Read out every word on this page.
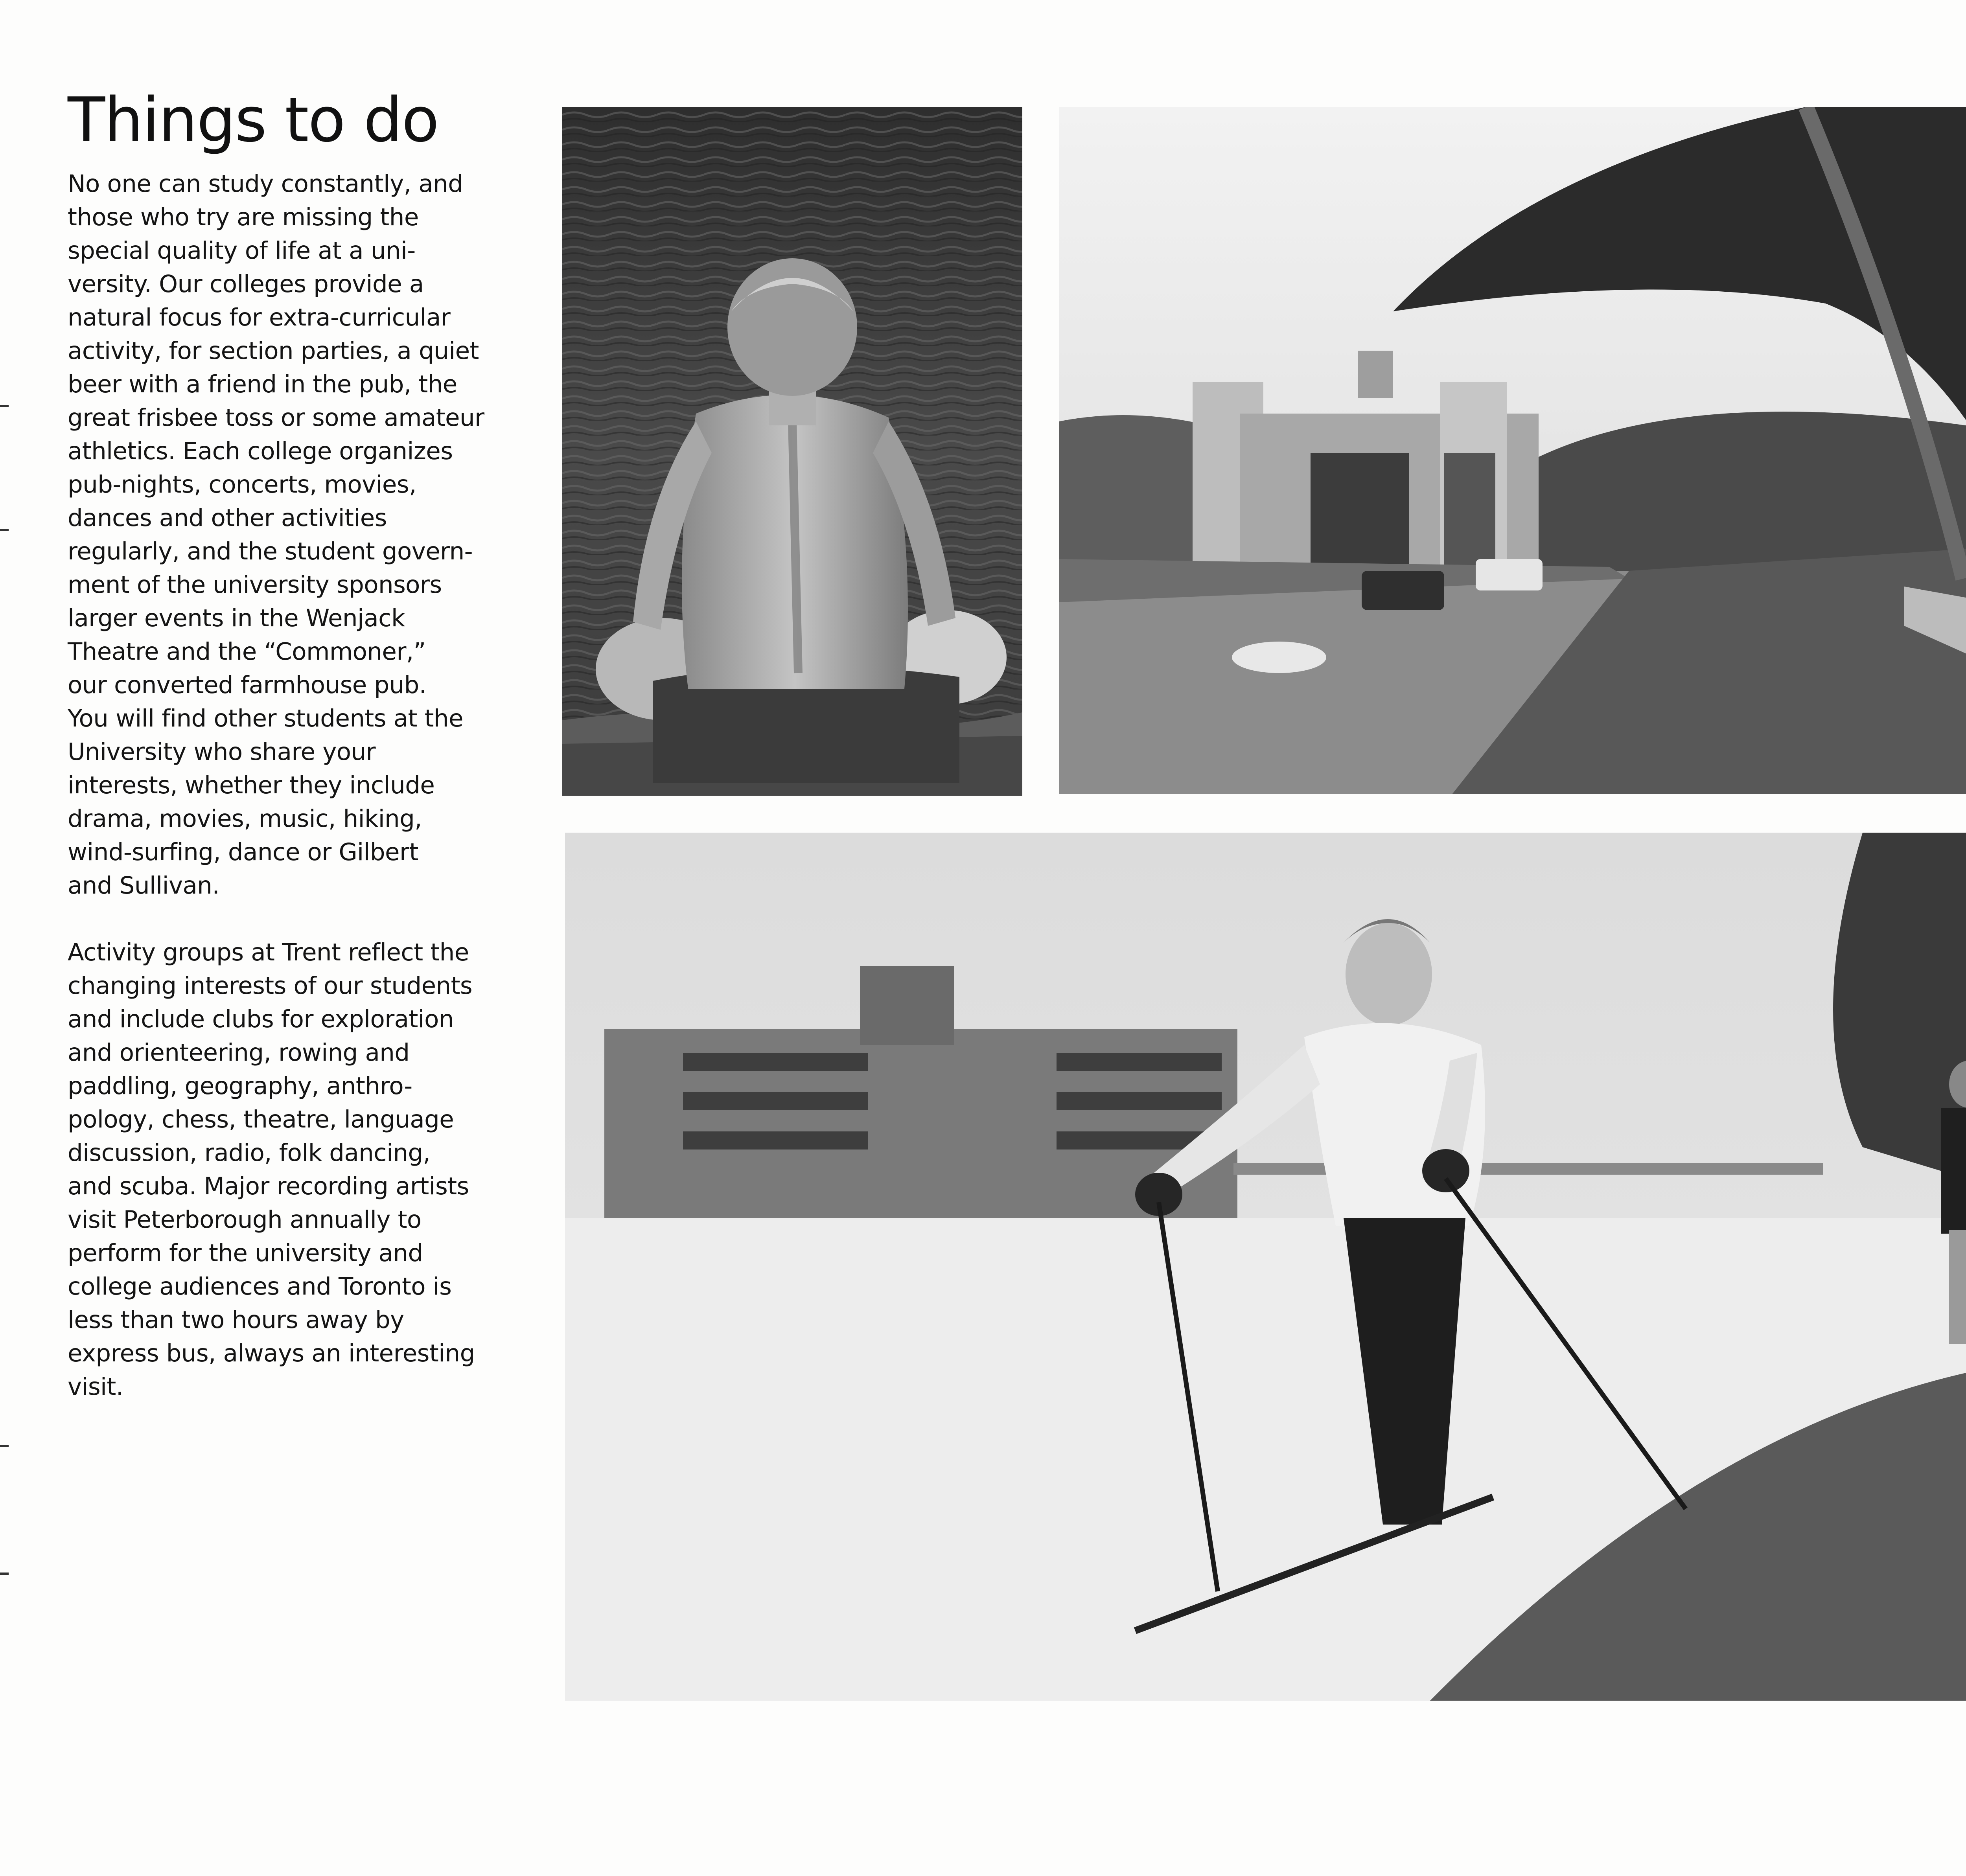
Things to do

No one can study constantly, and
those who try are missing the
special quality of life at a uni-
versity. Our colleges provide a
natural focus for extra-curricular
activity, for section parties, a quiet
beer with a friend in the pub, the
great frisbee toss or some amateur
athletics. Each college organizes
pub-nights, concerts, movies,
dances and other activities
regularly, and the student govern-
ment of the university sponsors
larger events in the Wenjack
Theatre and the “Commoner,”
our converted farmhouse pub.
You will find other students at the
University who share your
interests, whether they include
drama, movies, music, hiking,
wind-surfing, dance or Gilbert
and Sullivan.

Activity groups at Trent reflect the
changing interests of our students
and include clubs for exploration
and orienteering, rowing and
paddling, geography, anthro-
pology, chess, theatre, language
discussion, radio, folk dancing,
and scuba. Major recording artists
visit Peterborough annually to
perform for the university and
college audiences and Toronto is
less than two hours away by
express bus, always an interesting
visit.
